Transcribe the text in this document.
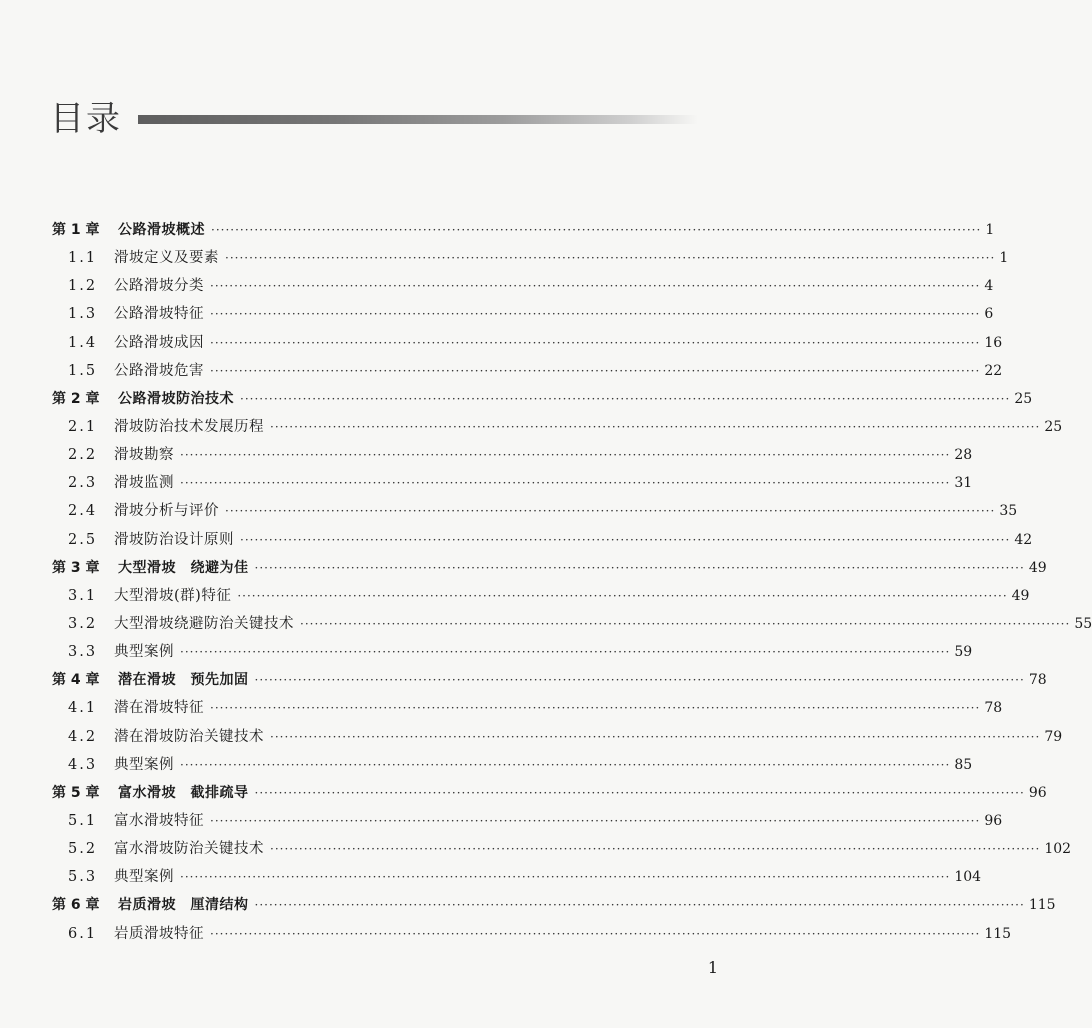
目录
第 1 章	公路滑坡概述 ································································································································································ 1
1.1	滑坡定义及要素 ································································································································································ 1
1.2	公路滑坡分类 ································································································································································ 4
1.3	公路滑坡特征 ································································································································································ 6
1.4	公路滑坡成因 ································································································································································ 16
1.5	公路滑坡危害 ································································································································································ 22
第 2 章	公路滑坡防治技术 ································································································································································ 25
2.1	滑坡防治技术发展历程 ································································································································································ 25
2.2	滑坡勘察 ································································································································································ 28
2.3	滑坡监测 ································································································································································ 31
2.4	滑坡分析与评价 ································································································································································ 35
2.5	滑坡防治设计原则 ································································································································································ 42
第 3 章	大型滑坡　绕避为佳 ································································································································································ 49
3.1	大型滑坡(群)特征 ································································································································································ 49
3.2	大型滑坡绕避防治关键技术 ································································································································································ 55
3.3	典型案例 ································································································································································ 59
第 4 章	潜在滑坡　预先加固 ································································································································································ 78
4.1	潜在滑坡特征 ································································································································································ 78
4.2	潜在滑坡防治关键技术 ································································································································································ 79
4.3	典型案例 ································································································································································ 85
第 5 章	富水滑坡　截排疏导 ································································································································································ 96
5.1	富水滑坡特征 ································································································································································ 96
5.2	富水滑坡防治关键技术 ································································································································································ 102
5.3	典型案例 ································································································································································ 104
第 6 章	岩质滑坡　厘清结构 ································································································································································ 115
6.1	岩质滑坡特征 ································································································································································ 115
1
